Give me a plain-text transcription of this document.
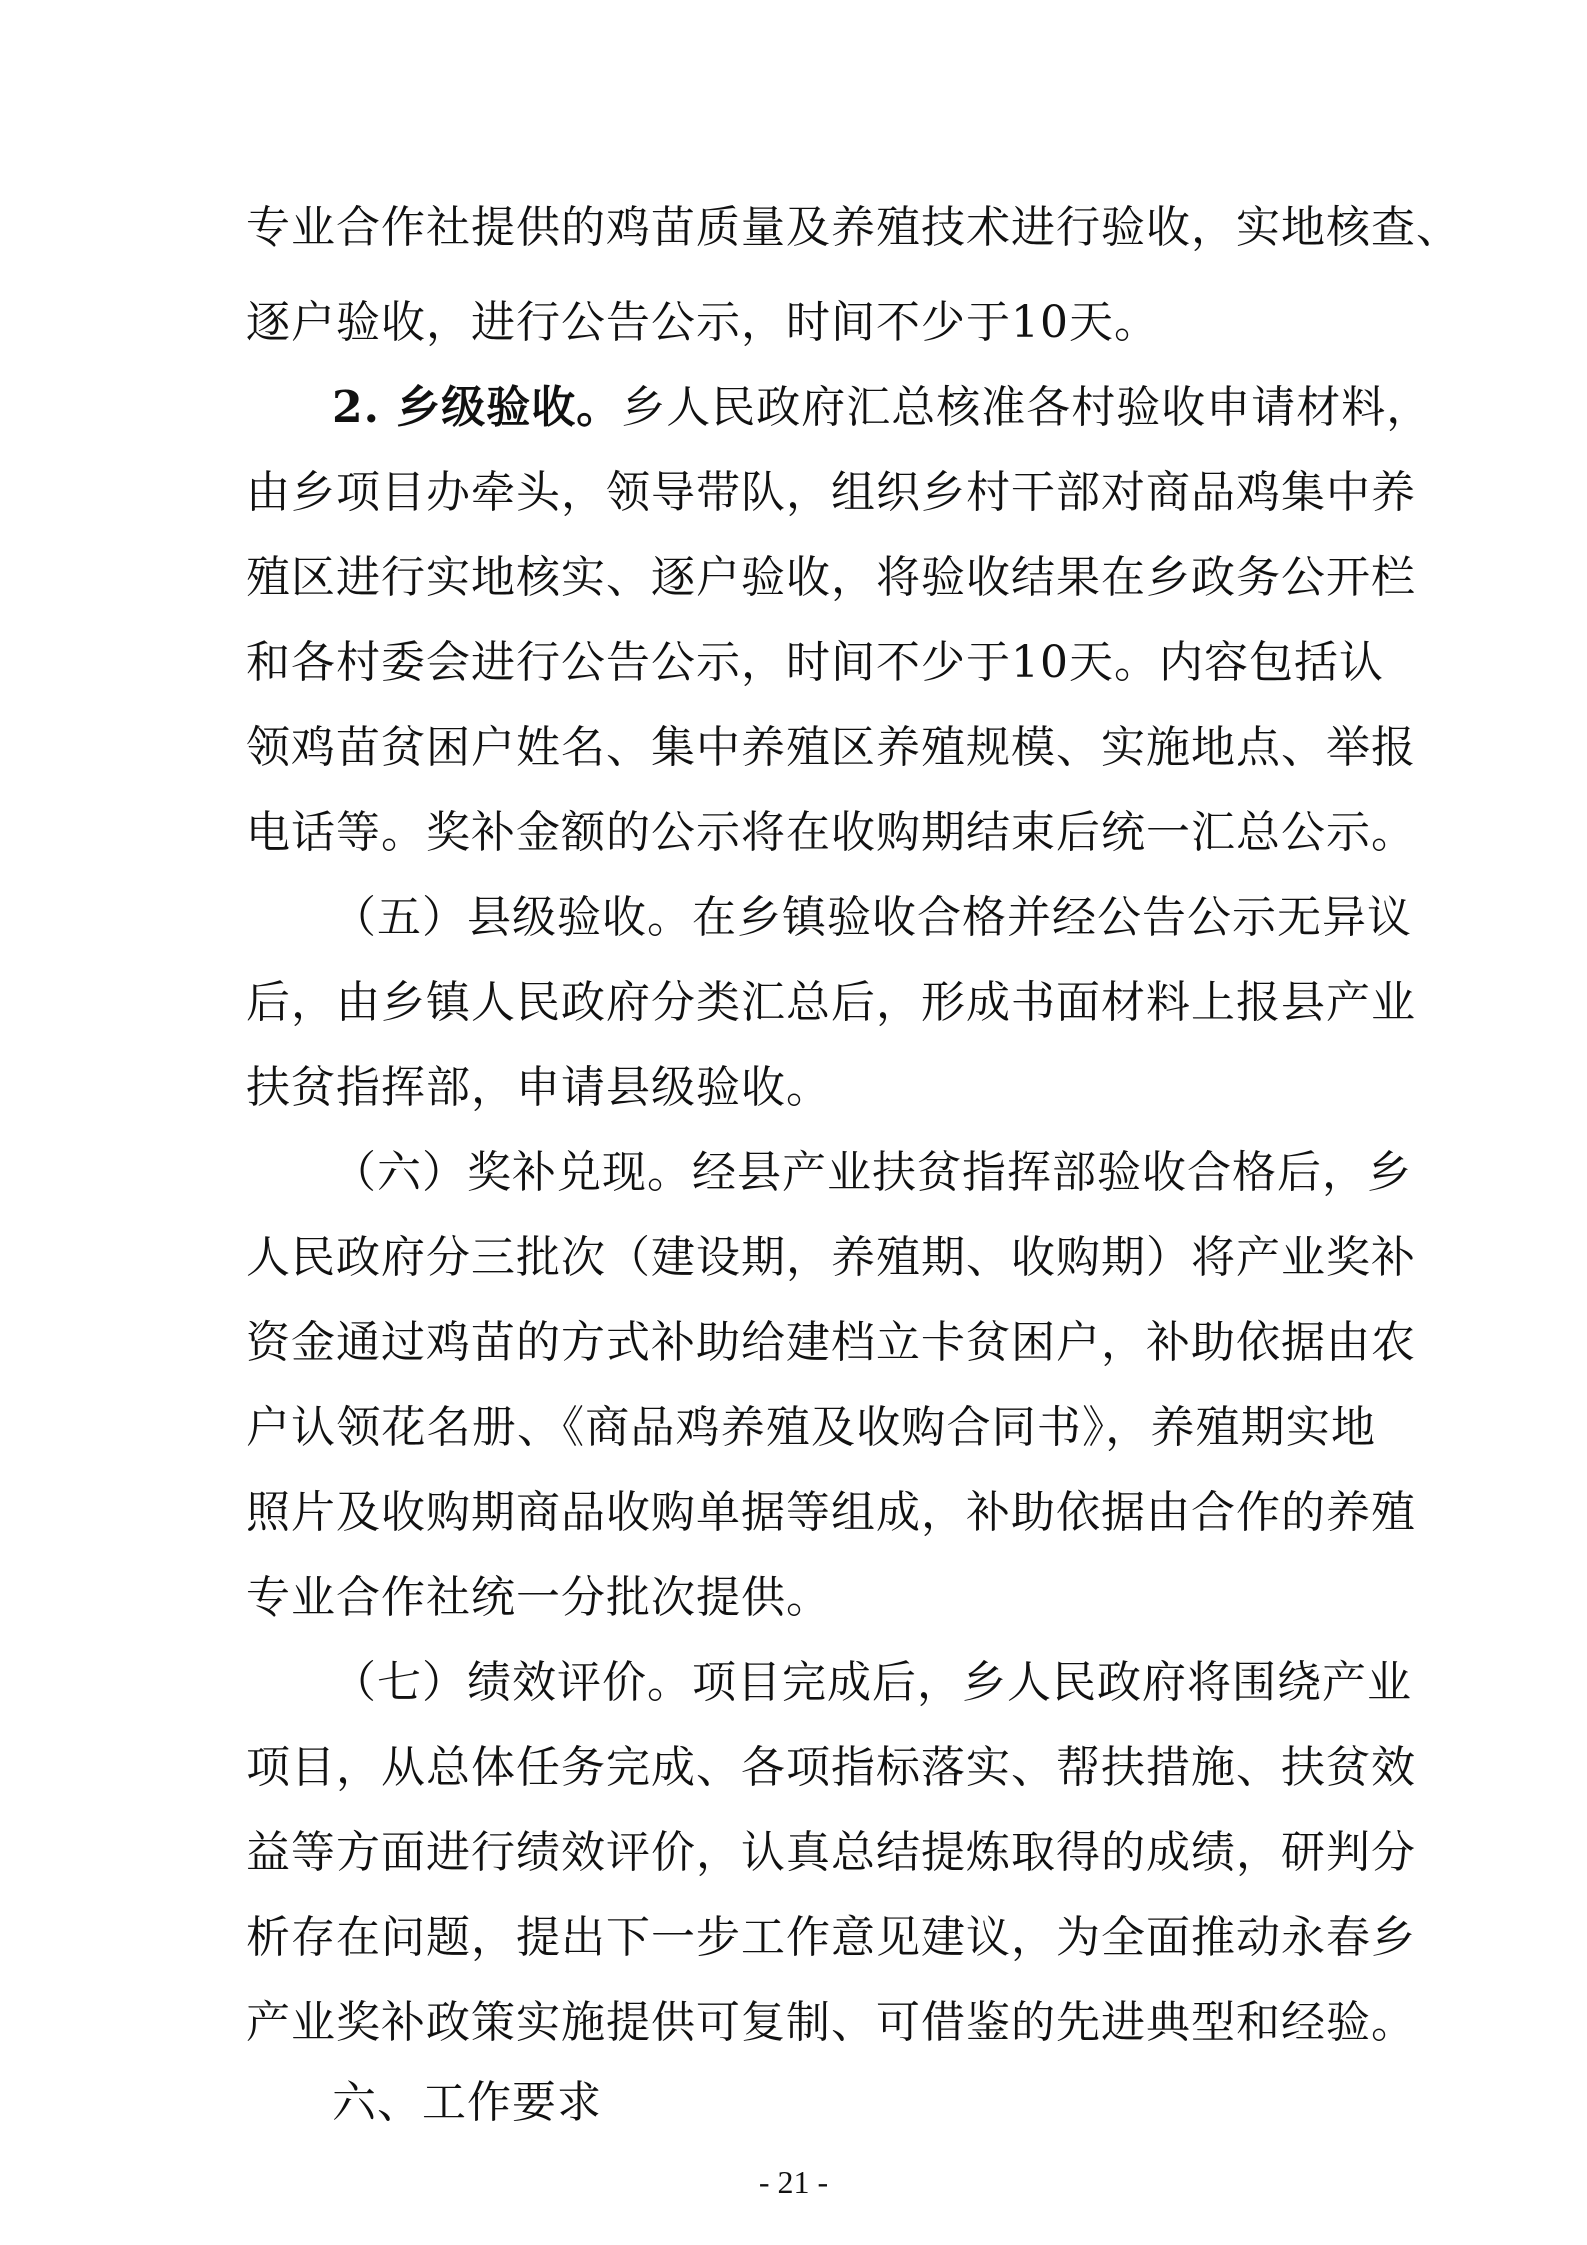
专业合作社提供的鸡苗质量及养殖技术进行验收，实地核查、
逐户验收，进行公告公示，时间不少于10天。
2. 乡级验收。乡人民政府汇总核准各村验收申请材料，
由乡项目办牵头，领导带队，组织乡村干部对商品鸡集中养
殖区进行实地核实、逐户验收，将验收结果在乡政务公开栏
和各村委会进行公告公示，时间不少于10天。内容包括认
领鸡苗贫困户姓名、集中养殖区养殖规模、实施地点、举报
电话等。奖补金额的公示将在收购期结束后统一汇总公示。
（五）县级验收。在乡镇验收合格并经公告公示无异议
后，由乡镇人民政府分类汇总后，形成书面材料上报县产业
扶贫指挥部，申请县级验收。
（六）奖补兑现。经县产业扶贫指挥部验收合格后，乡
人民政府分三批次（建设期，养殖期、收购期）将产业奖补
资金通过鸡苗的方式补助给建档立卡贫困户，补助依据由农
户认领花名册、《商品鸡养殖及收购合同书》，养殖期实地
照片及收购期商品收购单据等组成，补助依据由合作的养殖
专业合作社统一分批次提供。
（七）绩效评价。项目完成后，乡人民政府将围绕产业
项目，从总体任务完成、各项指标落实、帮扶措施、扶贫效
益等方面进行绩效评价，认真总结提炼取得的成绩，研判分
析存在问题，提出下一步工作意见建议，为全面推动永春乡
产业奖补政策实施提供可复制、可借鉴的先进典型和经验。
六、工作要求
- 21 -
